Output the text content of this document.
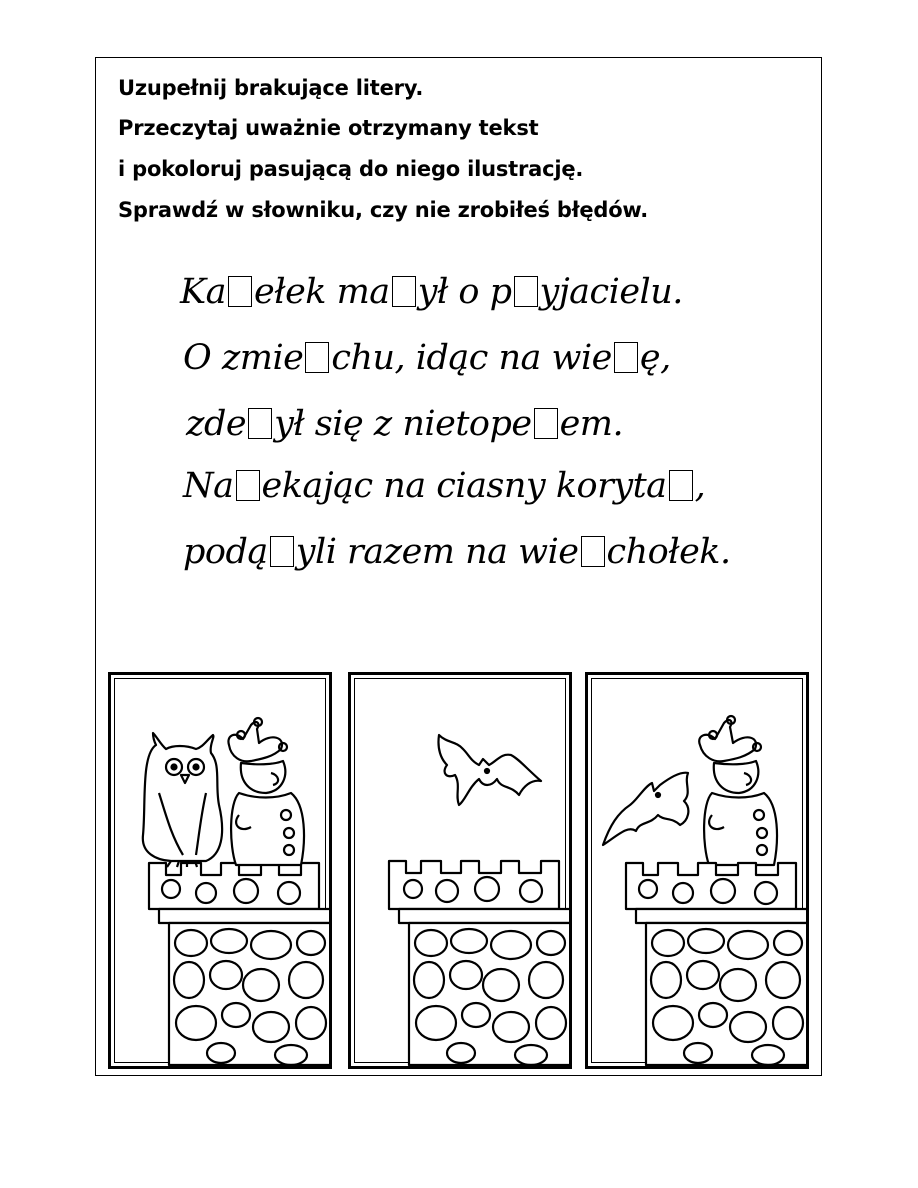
Uzupełnij brakujące litery.
Przeczytaj uważnie otrzymany tekst
i pokoloruj pasującą do niego ilustrację.
Sprawdź w słowniku, czy nie zrobiłeś błędów.
Ka ełek ma ył o p yjacielu.
O zmie chu, idąc na wie ę,
zde ył się z nietope em.
Na ekając na ciasny koryta ,
podą yli razem na wie chołek.
